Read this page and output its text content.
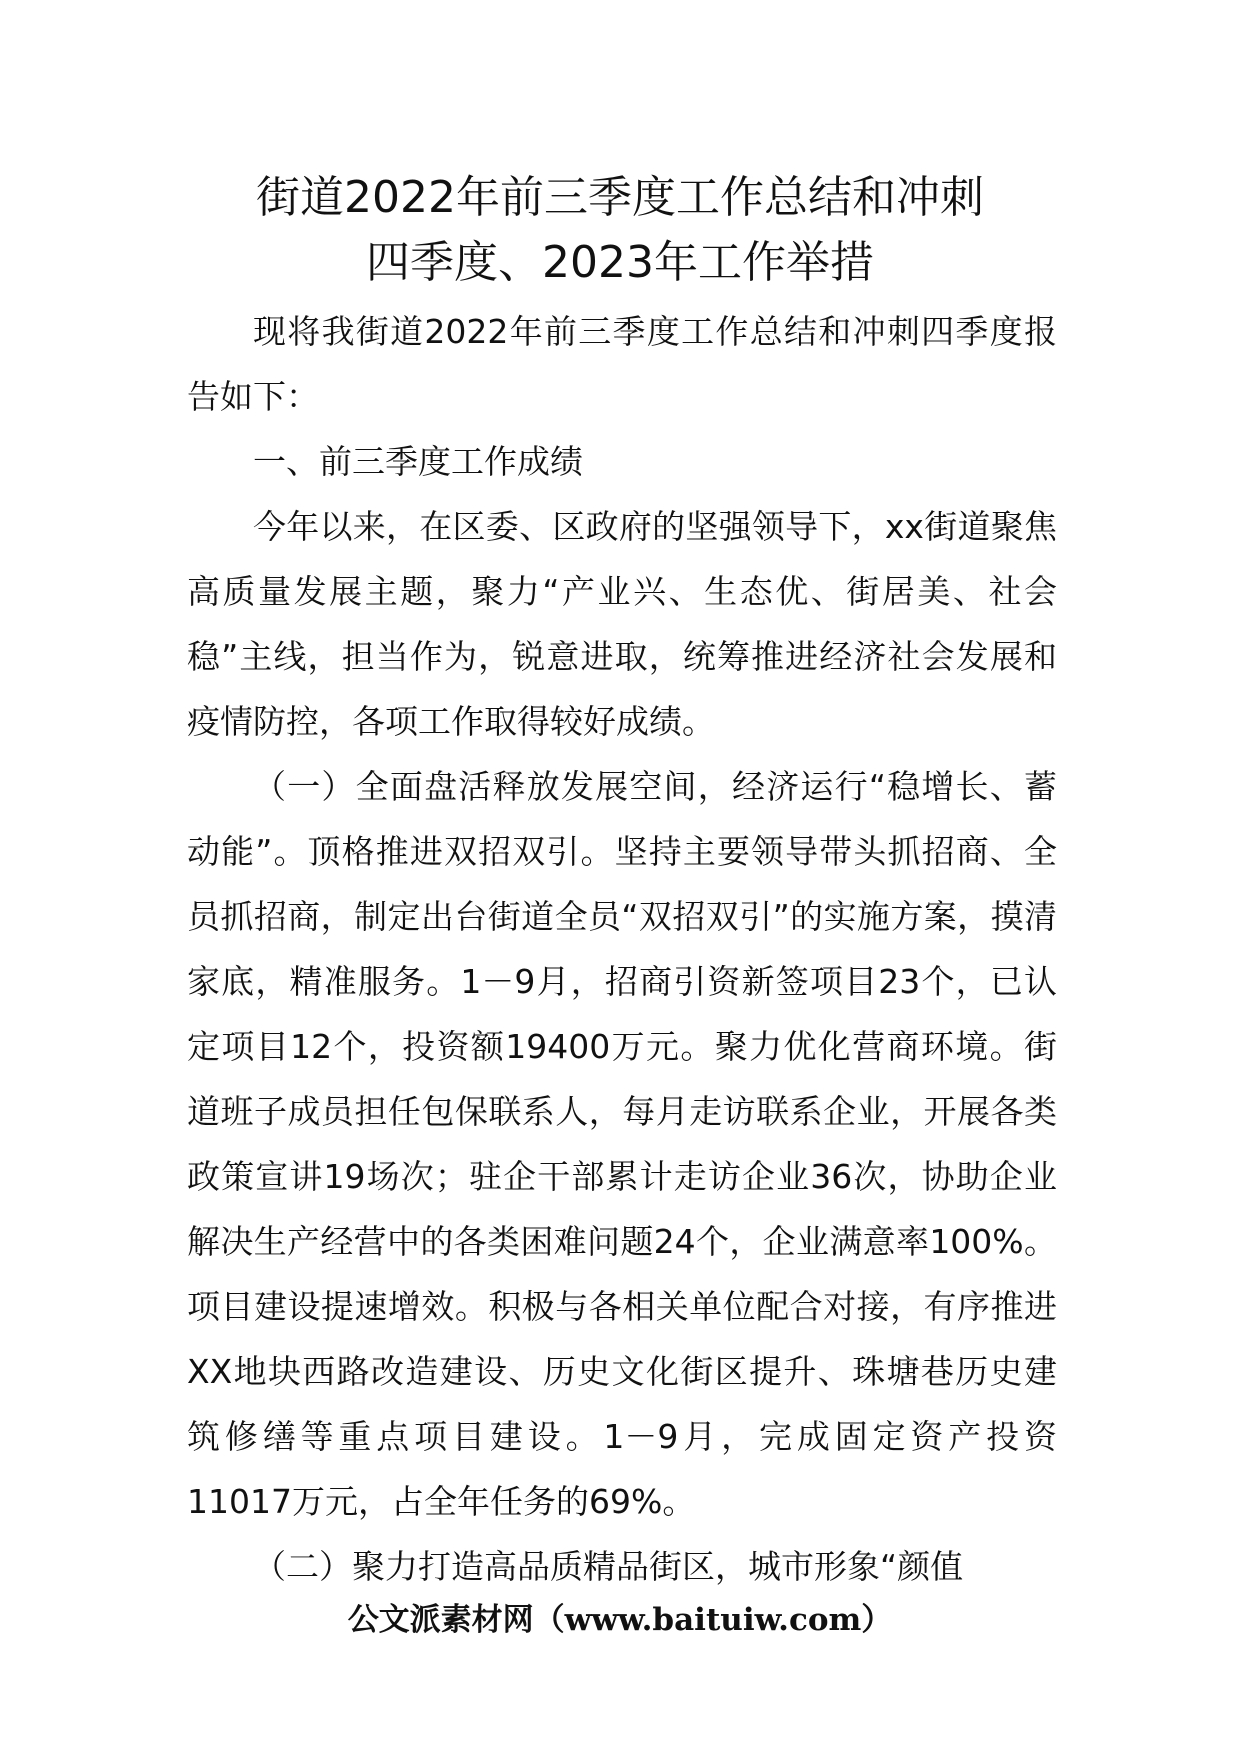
街道2022年前三季度工作总结和冲刺
四季度、2023年工作举措

现将我街道2022年前三季度工作总结和冲刺四季度报告如下：

一、前三季度工作成绩

今年以来，在区委、区政府的坚强领导下，xx街道聚焦高质量发展主题，聚力“产业兴、生态优、街居美、社会稳”主线，担当作为，锐意进取，统筹推进经济社会发展和疫情防控，各项工作取得较好成绩。

（一）全面盘活释放发展空间，经济运行“稳增长、蓄动能”。顶格推进双招双引。坚持主要领导带头抓招商、全员抓招商，制定出台街道全员“双招双引”的实施方案，摸清家底，精准服务。1－9月，招商引资新签项目23个，已认定项目12个，投资额19400万元。聚力优化营商环境。街道班子成员担任包保联系人，每月走访联系企业，开展各类政策宣讲19场次；驻企干部累计走访企业36次，协助企业解决生产经营中的各类困难问题24个，企业满意率100%。项目建设提速增效。积极与各相关单位配合对接，有序推进XX地块西路改造建设、历史文化街区提升、珠塘巷历史建筑修缮等重点项目建设。1－9月，完成固定资产投资11017万元，占全年任务的69%。

（二）聚力打造高品质精品街区，城市形象“颜值

公文派素材网（www.baituiw.com）
